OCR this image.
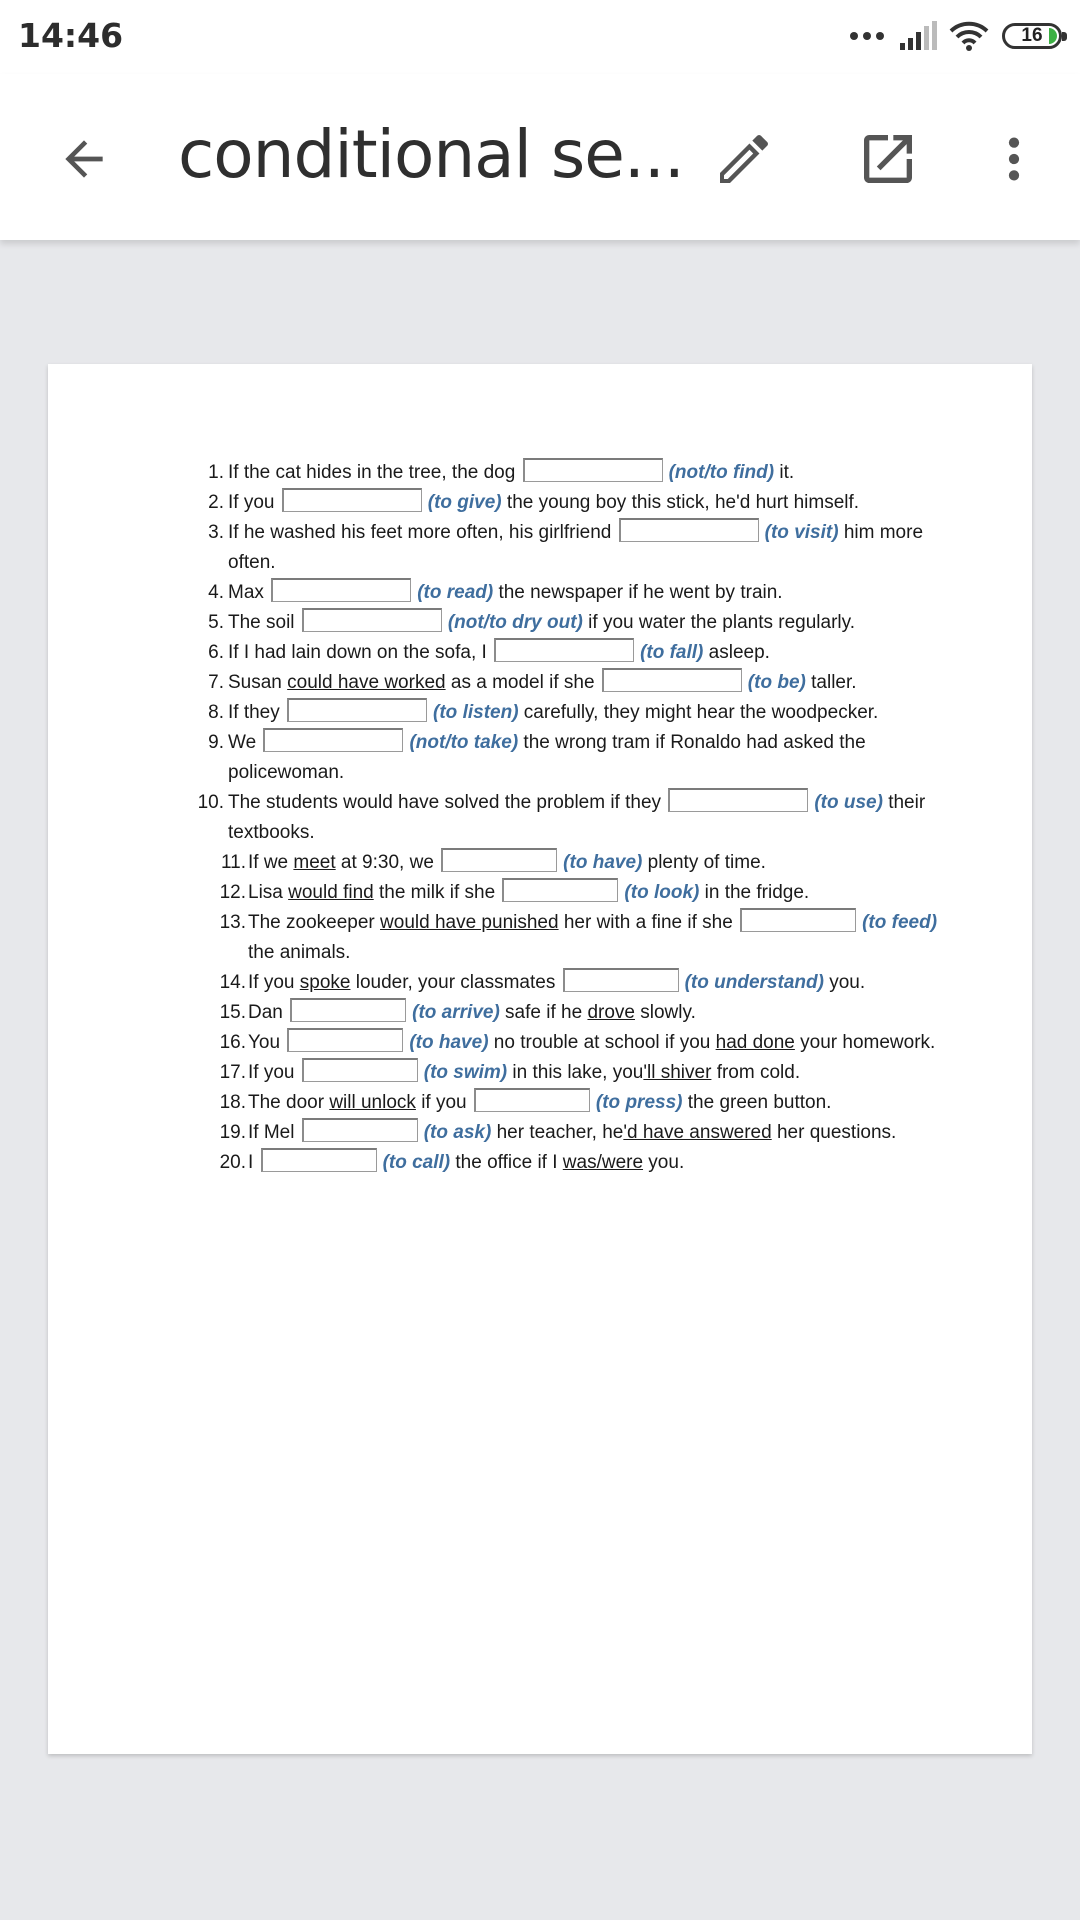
14:46	16
conditional se...
1. If the cat hides in the tree, the dog	(not/to find) it.
2. If you	(to give) the young boy this stick, he'd hurt himself.
3. If he washed his feet more often, his girlfriend	(to visit) him more often.
4. Max	(to read) the newspaper if he went by train.
5. The soil	(not/to dry out) if you water the plants regularly.
6. If I had lain down on the sofa, I	(to fall) asleep.
7. Susan could have worked as a model if she	(to be) taller.
8. If they	(to listen) carefully, they might hear the woodpecker.
9. We	(not/to take) the wrong tram if Ronaldo had asked the policewoman.
10. The students would have solved the problem if they	(to use) their textbooks.
11. If we meet at 9:30, we	(to have) plenty of time.
12. Lisa would find the milk if she	(to look) in the fridge.
13. The zookeeper would have punished her with a fine if she	(to feed) the animals.
14. If you spoke louder, your classmates	(to understand) you.
15. Dan	(to arrive) safe if he drove slowly.
16. You	(to have) no trouble at school if you had done your homework.
17. If you	(to swim) in this lake, you'll shiver from cold.
18. The door will unlock if you	(to press) the green button.
19. If Mel	(to ask) her teacher, he'd have answered her questions.
20. I	(to call) the office if I was/were you.
